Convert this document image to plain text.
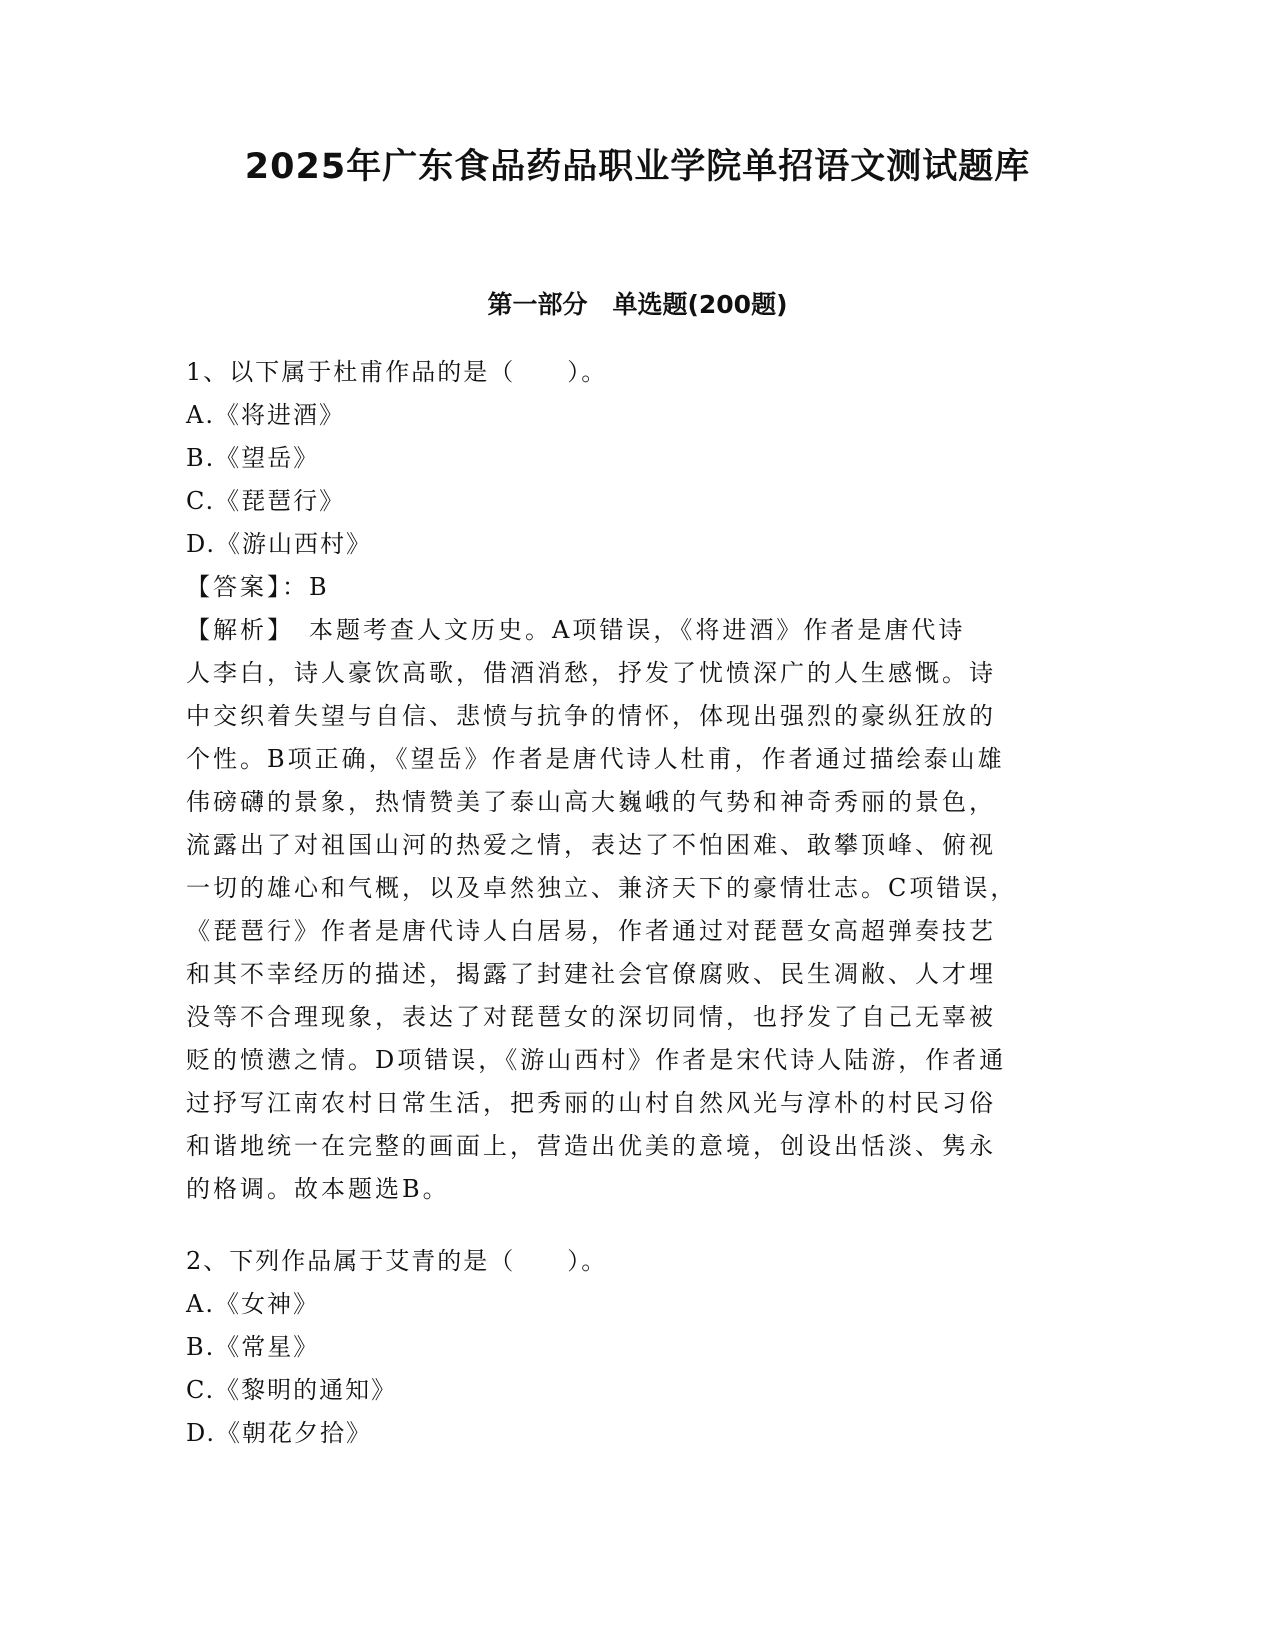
2025年广东食品药品职业学院单招语文测试题库
第一部分　单选题(200题)
1、以下属于杜甫作品的是（　　）。
A.《将进酒》
B.《望岳》
C.《琵琶行》
D.《游山西村》
【答案】：B
【解析】　本题考查人文历史。A项错误，《将进酒》作者是唐代诗
人李白，诗人豪饮高歌，借酒消愁，抒发了忧愤深广的人生感慨。诗
中交织着失望与自信、悲愤与抗争的情怀，体现出强烈的豪纵狂放的
个性。B项正确，《望岳》作者是唐代诗人杜甫，作者通过描绘泰山雄
伟磅礴的景象，热情赞美了泰山高大巍峨的气势和神奇秀丽的景色，
流露出了对祖国山河的热爱之情，表达了不怕困难、敢攀顶峰、俯视
一切的雄心和气概，以及卓然独立、兼济天下的豪情壮志。C项错误，
《琵琶行》作者是唐代诗人白居易，作者通过对琵琶女高超弹奏技艺
和其不幸经历的描述，揭露了封建社会官僚腐败、民生凋敝、人才埋
没等不合理现象，表达了对琵琶女的深切同情，也抒发了自己无辜被
贬的愤懑之情。D项错误，《游山西村》作者是宋代诗人陆游，作者通
过抒写江南农村日常生活，把秀丽的山村自然风光与淳朴的村民习俗
和谐地统一在完整的画面上，营造出优美的意境，创设出恬淡、隽永
的格调。故本题选B。
2、下列作品属于艾青的是（　　）。
A.《女神》
B.《常星》
C.《黎明的通知》
D.《朝花夕拾》
